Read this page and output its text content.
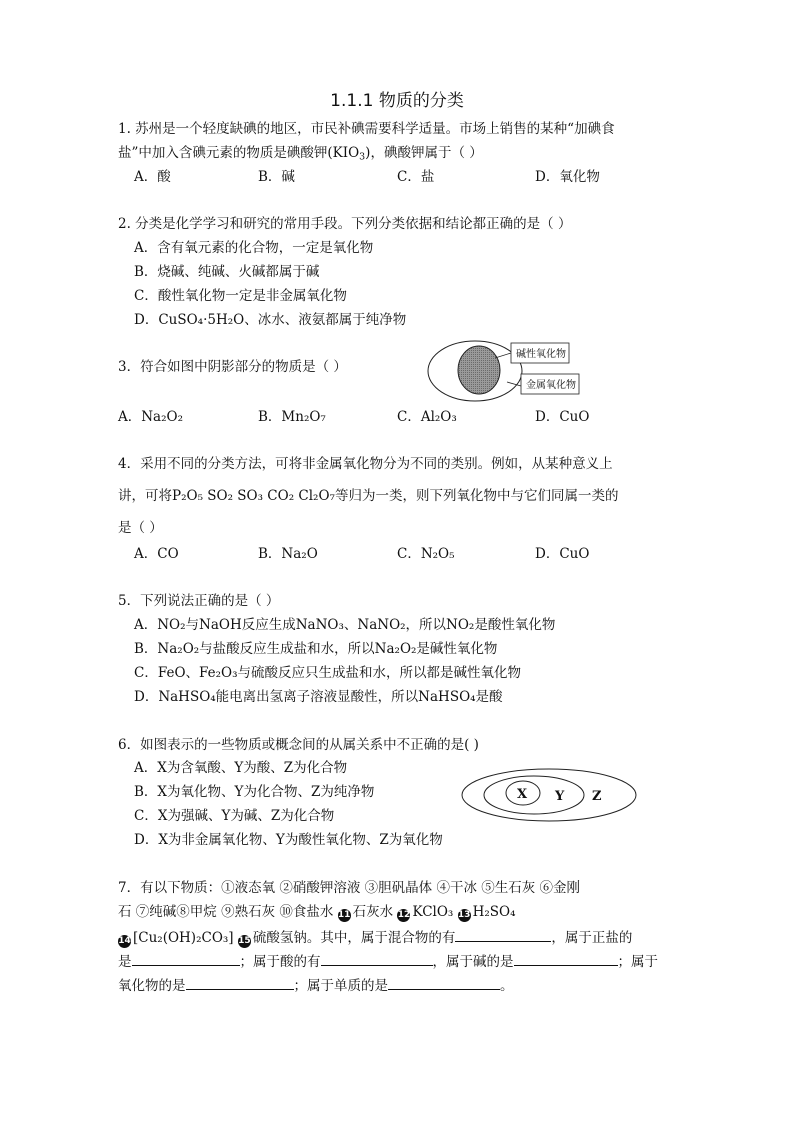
1.1.1 物质的分类
1. 苏州是一个轻度缺碘的地区，市民补碘需要科学适量。市场上销售的某种“加碘食
盐”中加入含碘元素的物质是碘酸钾$(KIO_3)$，碘酸钾属于（ ）
A．酸	B．碱	C．盐	D．氧化物
2. 分类是化学学习和研究的常用手段。下列分类依据和结论都正确的是（ ）
A．含有氧元素的化合物，一定是氧化物
B．烧碱、纯碱、火碱都属于碱
C．酸性氧化物一定是非金属氧化物
D．CuSO₄·5H₂O、冰水、液氨都属于纯净物
3．符合如图中阴影部分的物质是（ ）
碱性氧化物
金属氧化物
A．Na₂O₂	B．Mn₂O₇	C．Al₂O₃	D．CuO
4．采用不同的分类方法，可将非金属氧化物分为不同的类别。例如，从某种意义上
讲，可将P₂O₅ SO₂ SO₃ CO₂ Cl₂O₇等归为一类，则下列氧化物中与它们同属一类的
是（ ）
A．CO	B．Na₂O	C．N₂O₅	D．CuO
5．下列说法正确的是（ ）
A．NO₂与NaOH反应生成NaNO₃、NaNO₂，所以NO₂是酸性氧化物
B．Na₂O₂与盐酸反应生成盐和水，所以Na₂O₂是碱性氧化物
C．FeO、Fe₂O₃与硫酸反应只生成盐和水，所以都是碱性氧化物
D．NaHSO₄能电离出氢离子溶液显酸性，所以NaHSO₄是酸
6．如图表示的一些物质或概念间的从属关系中不正确的是( )
A．X为含氧酸、Y为酸、Z为化合物
B．X为氧化物、Y为化合物、Z为纯净物
C．X为强碱、Y为碱、Z为化合物
D．X为非金属氧化物、Y为酸性氧化物、Z为氧化物
X Y Z
7．有以下物质：①液态氧 ②硝酸钾溶液 ③胆矾晶体 ④干冰 ⑤生石灰 ⑥金刚
石 ⑦纯碱⑧甲烷 ⑨熟石灰 ⑩食盐水 11 石灰水 12 KClO₃ 13 H₂SO₄
14 [Cu₂(OH)₂CO₃] 15 硫酸氢钠。其中，属于混合物的有	，属于正盐的
是	；属于酸的有	，属于碱的是	；属于
氧化物的是	；属于单质的是	。
